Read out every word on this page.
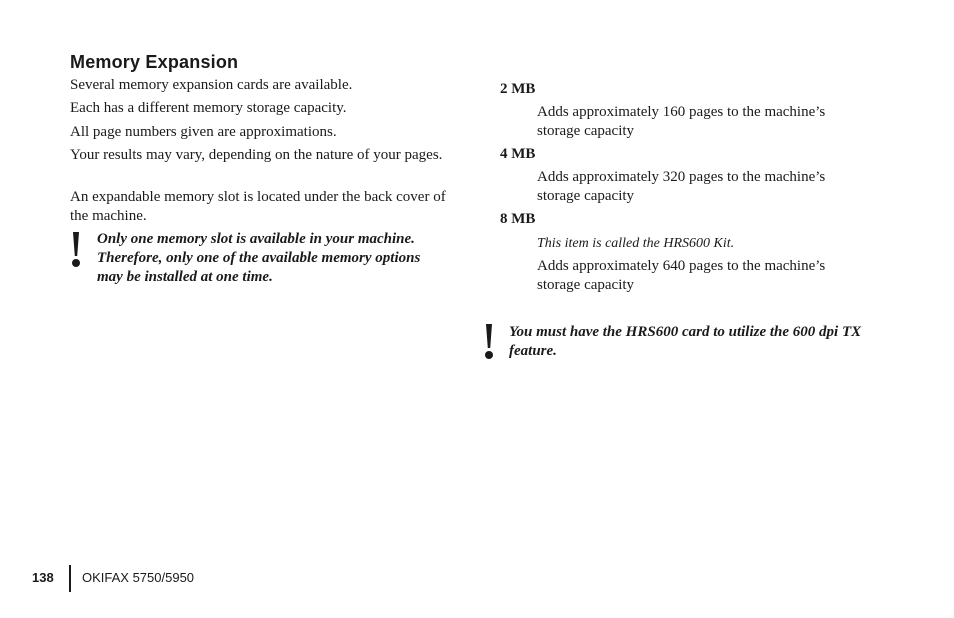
Memory Expansion

Several memory expansion cards are available.

Each has a different memory storage capacity.

All page numbers given are approximations.

Your results may vary, depending on the nature of your pages.

An expandable memory slot is located under the back cover of the machine.

Only one memory slot is available in your machine. Therefore, only one of the available memory options may be installed at one time.

2 MB

Adds approximately 160 pages to the machine’s storage capacity

4 MB

Adds approximately 320 pages to the machine’s storage capacity

8 MB

This item is called the HRS600 Kit.

Adds approximately 640 pages to the machine’s storage capacity

You must have the HRS600 card to utilize the 600 dpi TX feature.

138 OKIFAX 5750/5950
